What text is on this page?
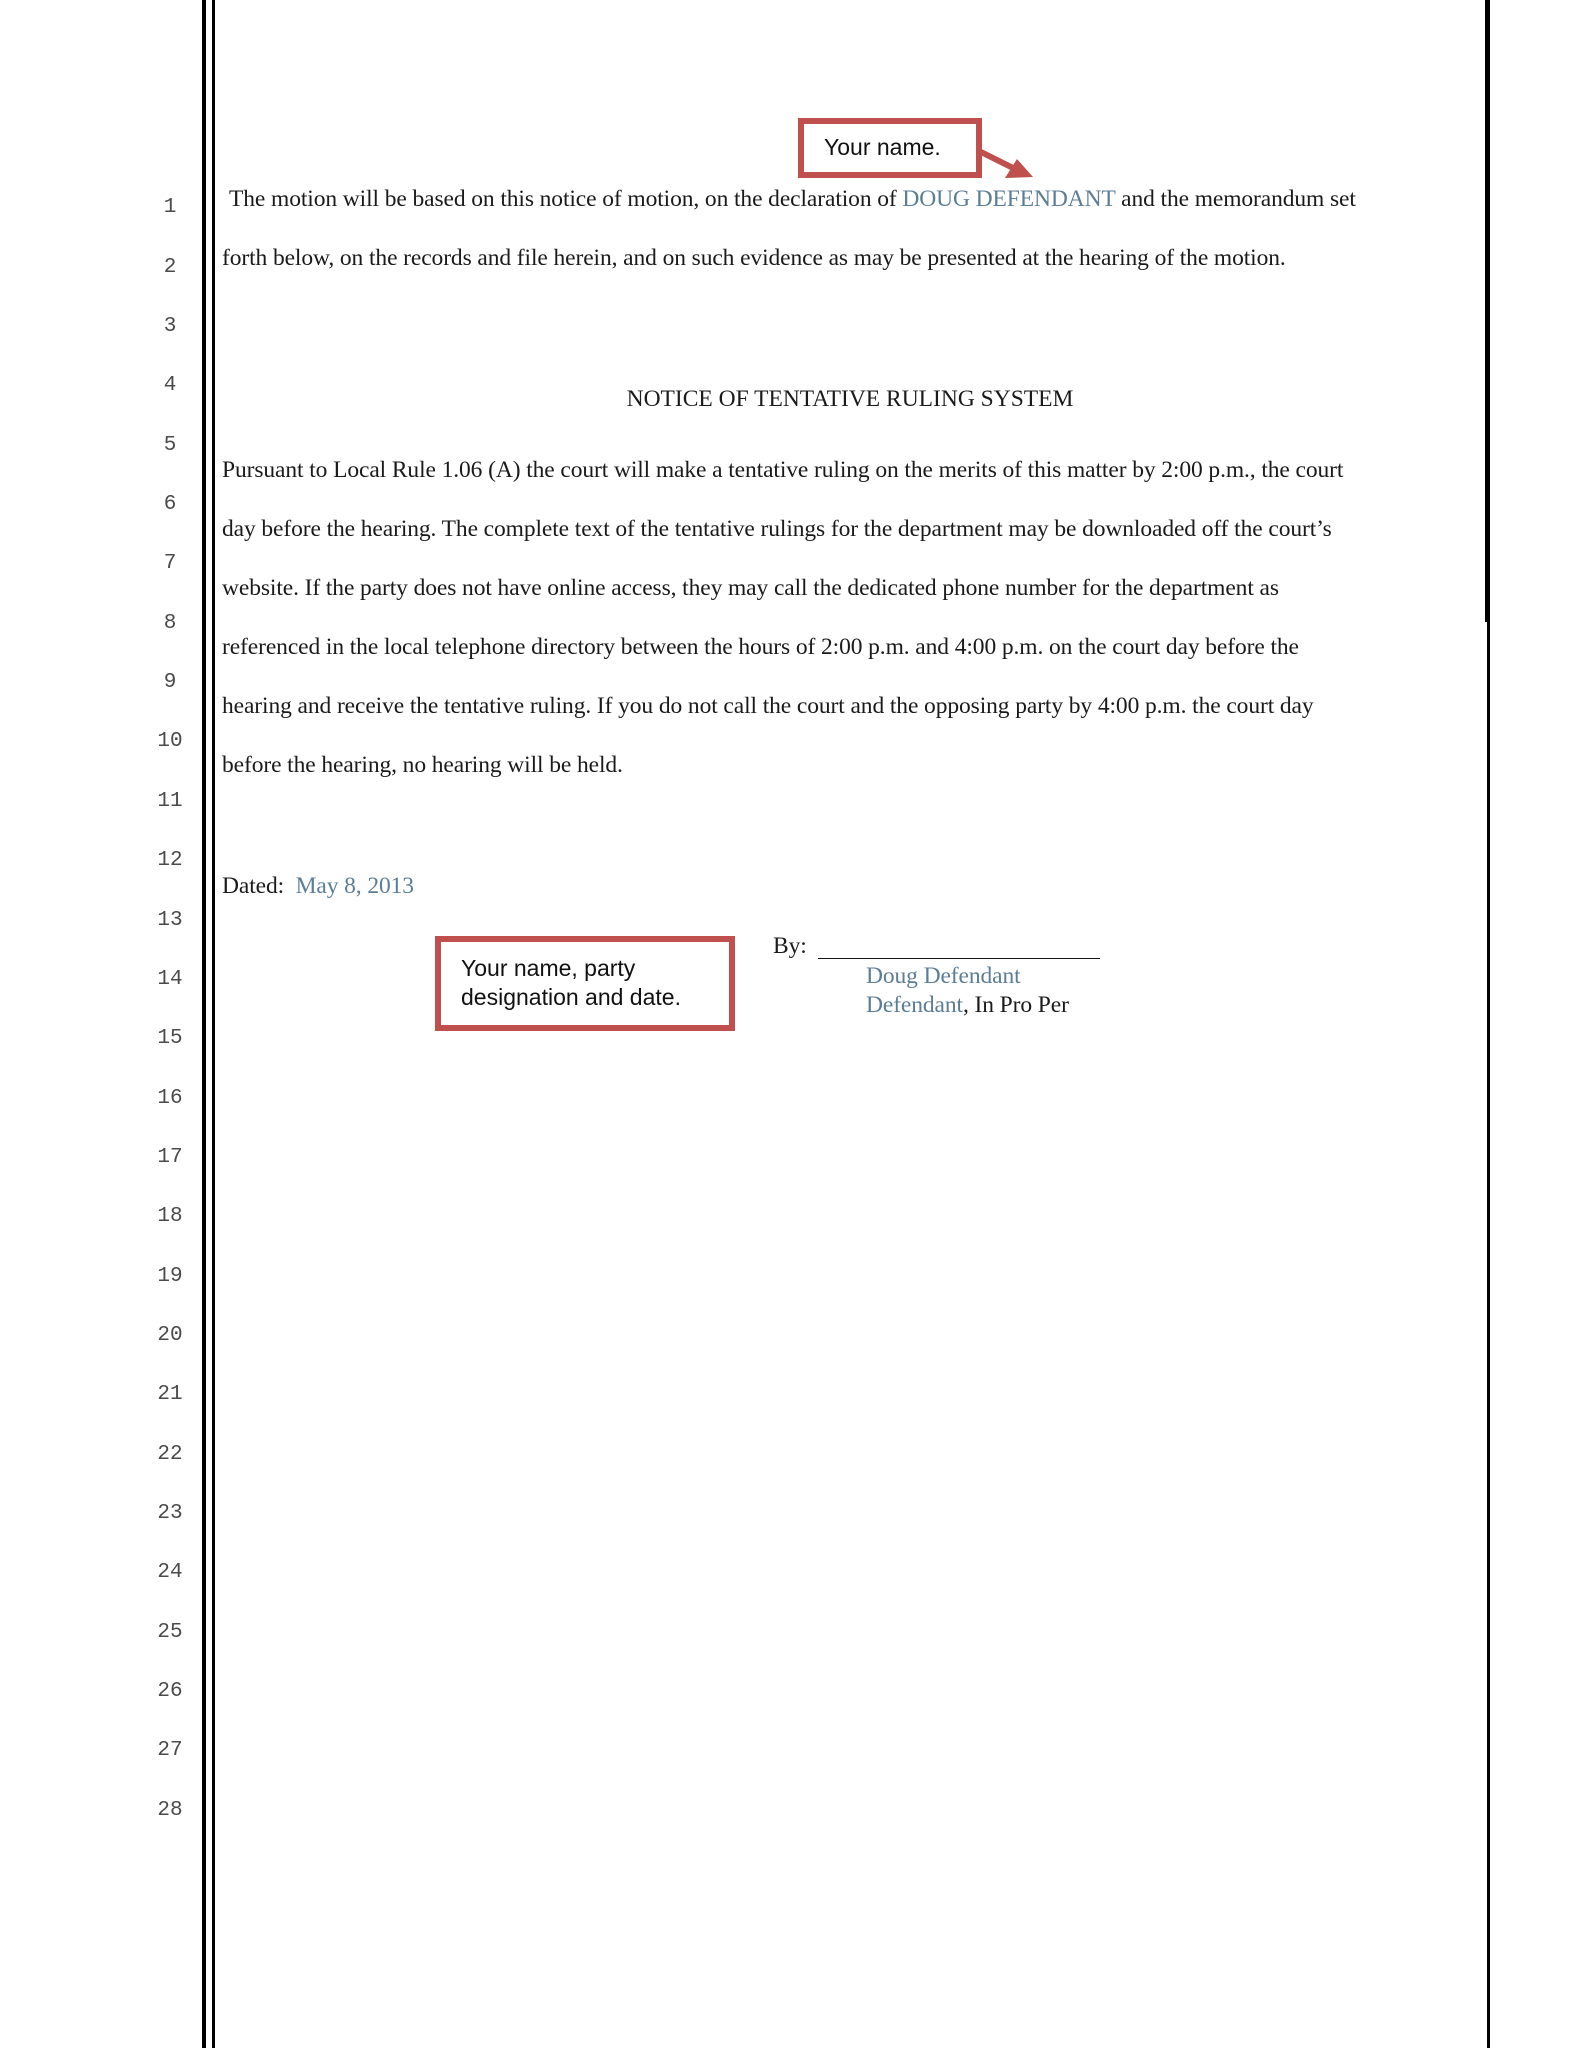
1
2
3
4
5
6
7
8
9
10
11
12
13
14
15
16
17
18
19
20
21
22
23
24
25
26
27
28
The motion will be based on this notice of motion, on the declaration of DOUG DEFENDANT and the memorandum set
forth below, on the records and file herein, and on such evidence as may be presented at the hearing of the motion.
NOTICE OF TENTATIVE RULING SYSTEM
Pursuant to Local Rule 1.06 (A) the court will make a tentative ruling on the merits of this matter by 2:00 p.m., the court
day before the hearing. The complete text of the tentative rulings for the department may be downloaded off the court’s
website. If the party does not have online access, they may call the dedicated phone number for the department as
referenced in the local telephone directory between the hours of 2:00 p.m. and 4:00 p.m. on the court day before the
hearing and receive the tentative ruling. If you do not call the court and the opposing party by 4:00 p.m. the court day
before the hearing, no hearing will be held.
Dated: May 8, 2013
By:
Doug Defendant
Defendant, In Pro Per
Your name.
Your name, party
designation and date.
